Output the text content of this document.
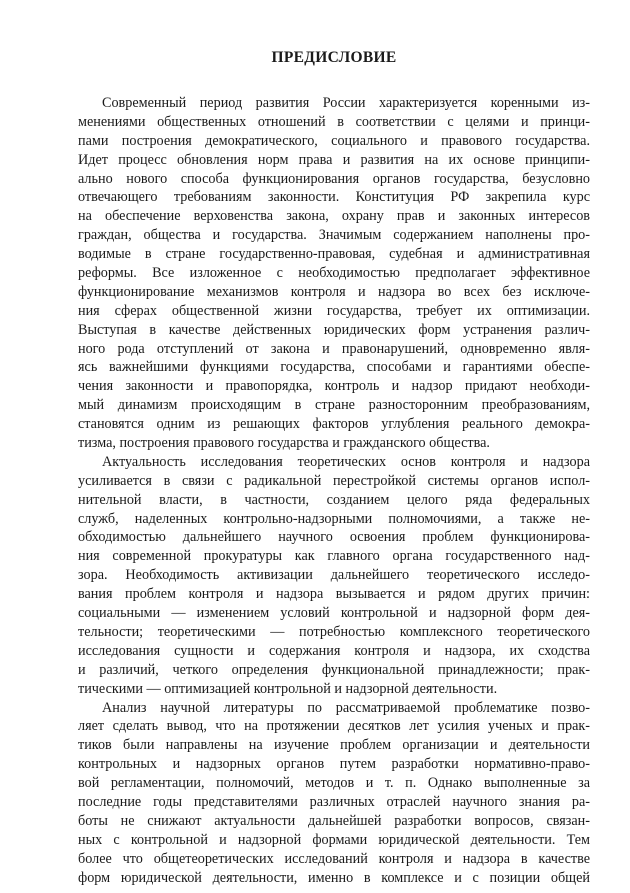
ПРЕДИСЛОВИЕ
Современный период развития России характеризуется коренными из-
менениями общественных отношений в соответствии с целями и принци-
пами построения демократического, социального и правового государства.
Идет процесс обновления норм права и развития на их основе принципи-
ально нового способа функционирования органов государства, безусловно
отвечающего требованиям законности. Конституция РФ закрепила курс
на обеспечение верховенства закона, охрану прав и законных интересов
граждан, общества и государства. Значимым содержанием наполнены про-
водимые в стране государственно-правовая, судебная и административная
реформы. Все изложенное с необходимостью предполагает эффективное
функционирование механизмов контроля и надзора во всех без исключе-
ния сферах общественной жизни государства, требует их оптимизации.
Выступая в качестве действенных юридических форм устранения различ-
ного рода отступлений от закона и правонарушений, одновременно явля-
ясь важнейшими функциями государства, способами и гарантиями обеспе-
чения законности и правопорядка, контроль и надзор придают необходи-
мый динамизм происходящим в стране разносторонним преобразованиям,
становятся одним из решающих факторов углубления реального демокра-
тизма, построения правового государства и гражданского общества.
Актуальность исследования теоретических основ контроля и надзора
усиливается в связи с радикальной перестройкой системы органов испол-
нительной власти, в частности, созданием целого ряда федеральных
служб, наделенных контрольно-надзорными полномочиями, а также не-
обходимостью дальнейшего научного освоения проблем функционирова-
ния современной прокуратуры как главного органа государственного над-
зора. Необходимость активизации дальнейшего теоретического исследо-
вания проблем контроля и надзора вызывается и рядом других причин:
социальными — изменением условий контрольной и надзорной форм дея-
тельности; теоретическими — потребностью комплексного теоретического
исследования сущности и содержания контроля и надзора, их сходства
и различий, четкого определения функциональной принадлежности; прак-
тическими — оптимизацией контрольной и надзорной деятельности.
Анализ научной литературы по рассматриваемой проблематике позво-
ляет сделать вывод, что на протяжении десятков лет усилия ученых и прак-
тиков были направлены на изучение проблем организации и деятельности
контрольных и надзорных органов путем разработки нормативно-право-
вой регламентации, полномочий, методов и т. п. Однако выполненные за
последние годы представителями различных отраслей научного знания ра-
боты не снижают актуальности дальнейшей разработки вопросов, связан-
ных с контрольной и надзорной формами юридической деятельности. Тем
более что общетеоретических исследований контроля и надзора в качестве
форм юридической деятельности, именно в комплексе и с позиции общей
